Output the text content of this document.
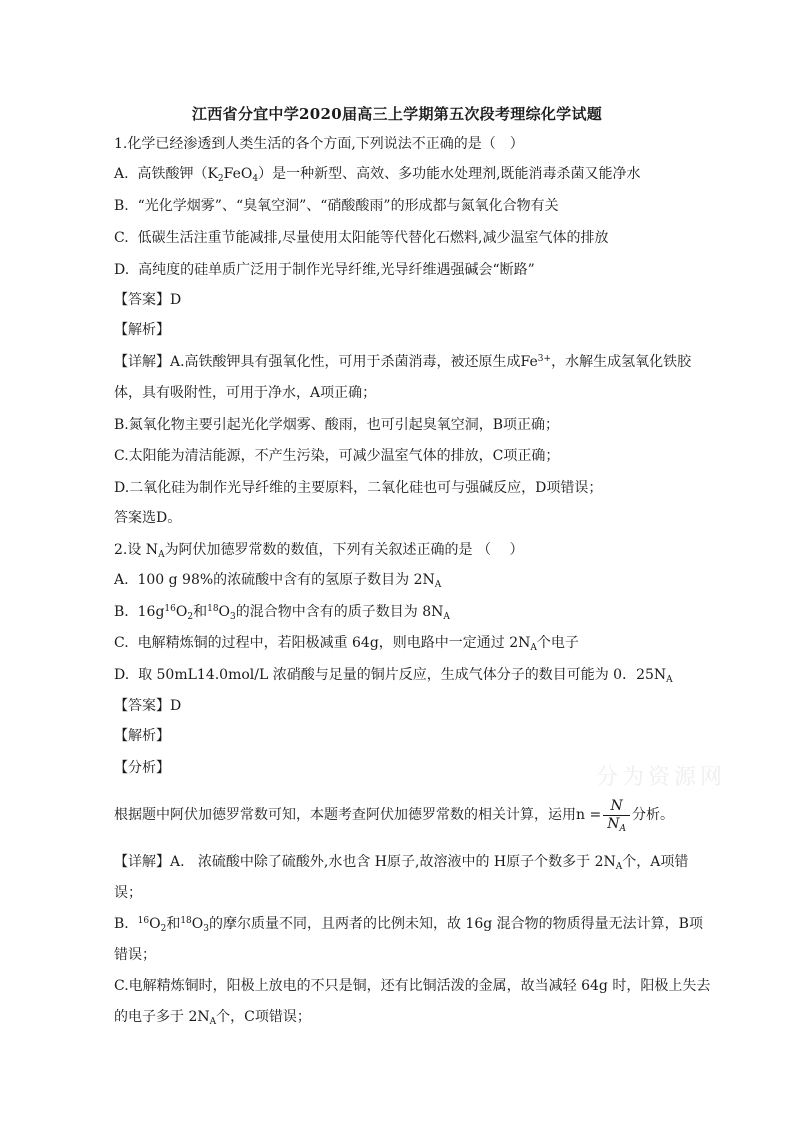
江西省分宜中学2020届高三上学期第五次段考理综化学试题
1.化学已经渗透到人类生活的各个方面,下列说法不正确的是（　）
A.  高铁酸钾$(K_2FeO_4)$是一种新型、高效、多功能水处理剂,既能消毒杀菌又能净水
B.  “光化学烟雾”、“臭氧空洞”、“硝酸酸雨”的形成都与氮氧化合物有关
C.  低碳生活注重节能减排,尽量使用太阳能等代替化石燃料,减少温室气体的排放
D.  高纯度的硅单质广泛用于制作光导纤维,光导纤维遇强碱会“断路”
【答案】D
【解析】
【详解】A.高铁酸钾具有强氧化性，可用于杀菌消毒，被还原生成$Fe^{3+}$，水解生成氢氧化铁胶
体，具有吸附性，可用于净水，A项正确；
B.氮氧化物主要引起光化学烟雾、酸雨，也可引起臭氧空洞，B项正确；
C.太阳能为清洁能源，不产生污染，可减少温室气体的排放，C项正确；
D.二氧化硅为制作光导纤维的主要原料，二氧化硅也可与强碱反应，D项错误；
答案选D。
2.设 $N_A$为阿伏加德罗常数的数值，下列有关叙述正确的是 （　 ）
A.  100 g 98%的浓硫酸中含有的氢原子数目为 $2N_A$
B.  $16g^{16}O_2$和$^{18}O_3$的混合物中含有的质子数目为 $8N_A$
C.  电解精炼铜的过程中，若阳极减重 64g，则电路中一定通过 $2N_A$个电子
D.  取 50mL14.0mol/L 浓硝酸与足量的铜片反应，生成气体分子的数目可能为 0．$25N_A$
【答案】D
【解析】
【分析】
根据题中阿伏加德罗常数可知，本题考查阿伏加德罗常数的相关计算，运用$n = \frac{N}{N_A}$ 分析。
【详解】A.   浓硫酸中除了硫酸外,水也含 H原子,故溶液中的 H原子个数多于 $2N_A$个，A项错
误；
B.  $^{16}O_2$和$^{18}O_3$的摩尔质量不同，且两者的比例未知，故 16g 混合物的物质得量无法计算，B项
错误；
C.电解精炼铜时，阳极上放电的不只是铜，还有比铜活泼的金属，故当减轻 64g 时，阳极上失去
的电子多于 $2N_A$个，C项错误；
分为资源网
